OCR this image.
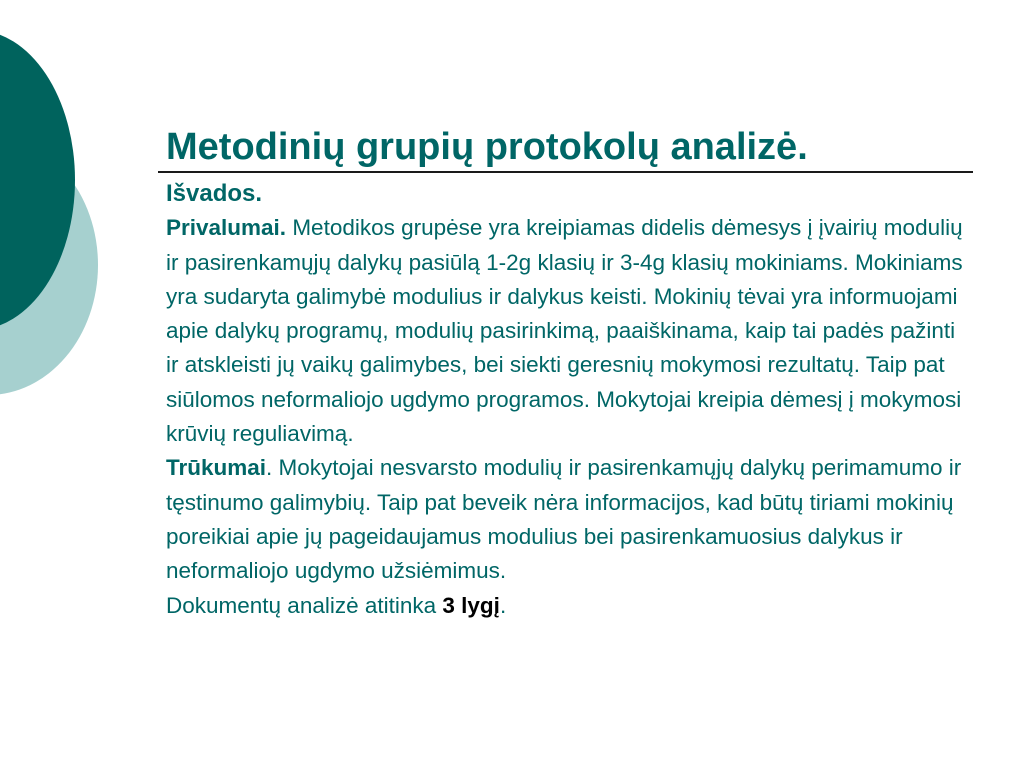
Metodinių grupių protokolų analizė.

Išvados.

Privalumai. Metodikos grupėse yra kreipiamas didelis dėmesys į įvairių modulių ir pasirenkamųjų dalykų pasiūlą 1-2g klasių ir 3-4g klasių mokiniams. Mokiniams yra sudaryta galimybė modulius ir dalykus keisti. Mokinių tėvai yra informuojami apie dalykų programų, modulių pasirinkimą, paaiškinama, kaip tai padės pažinti ir atskleisti jų vaikų galimybes, bei siekti geresnių mokymosi rezultatų. Taip pat siūlomos neformaliojo ugdymo programos. Mokytojai kreipia dėmesį į mokymosi krūvių reguliavimą.

Trūkumai. Mokytojai nesvarsto modulių ir pasirenkamųjų dalykų perimamumo ir tęstinumo galimybių. Taip pat beveik nėra informacijos, kad būtų tiriami mokinių poreikiai apie jų pageidaujamus modulius bei pasirenkamuosius dalykus ir neformaliojo ugdymo užsiėmimus.

Dokumentų analizė atitinka 3 lygį.
